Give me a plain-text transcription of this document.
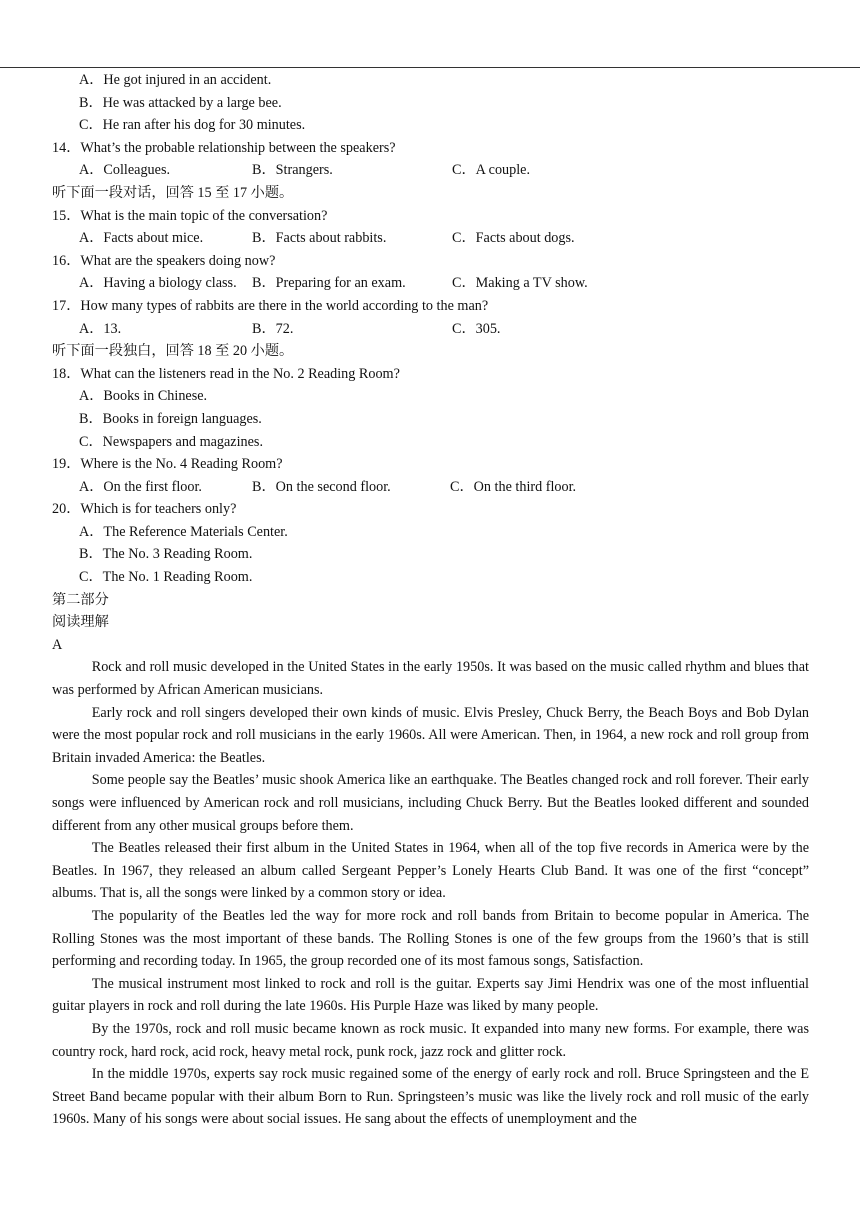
A．He got injured in an accident.
B．He was attacked by a large bee.
C．He ran after his dog for 30 minutes.
14．What’s the probable relationship between the speakers?
A．Colleagues.	B．Strangers.	C．A couple.
听下面一段对话，回答 15 至 17 小题。
15．What is the main topic of the conversation?
A．Facts about mice.	B．Facts about rabbits.	C．Facts about dogs.
16．What are the speakers doing now?
A．Having a biology class.	B．Preparing for an exam.	C．Making a TV show.
17．How many types of rabbits are there in the world according to the man?
A．13.	B．72.	C．305.
听下面一段独白，回答 18 至 20 小题。
18．What can the listeners read in the No. 2 Reading Room?
A．Books in Chinese.
B．Books in foreign languages.
C．Newspapers and magazines.
19．Where is the No. 4 Reading Room?
A．On the first floor.	B．On the second floor.	C．On the third floor.
20．Which is for teachers only?
A．The Reference Materials Center.
B．The No. 3 Reading Room.
C．The No. 1 Reading Room.
第二部分
阅读理解
A

Rock and roll music developed in the United States in the early 1950s. It was based on the music called rhythm and blues that was performed by African American musicians.

Early rock and roll singers developed their own kinds of music. Elvis Presley, Chuck Berry, the Beach Boys and Bob Dylan were the most popular rock and roll musicians in the early 1960s. All were American. Then, in 1964, a new rock and roll group from Britain invaded America: the Beatles.

Some people say the Beatles’ music shook America like an earthquake. The Beatles changed rock and roll forever. Their early songs were influenced by American rock and roll musicians, including Chuck Berry. But the Beatles looked different and sounded different from any other musical groups before them.

The Beatles released their first album in the United States in 1964, when all of the top five records in America were by the Beatles. In 1967, they released an album called Sergeant Pepper’s Lonely Hearts Club Band. It was one of the first “concept” albums. That is, all the songs were linked by a common story or idea.

The popularity of the Beatles led the way for more rock and roll bands from Britain to become popular in America. The Rolling Stones was the most important of these bands. The Rolling Stones is one of the few groups from the 1960’s that is still performing and recording today. In 1965, the group recorded one of its most famous songs, Satisfaction.

The musical instrument most linked to rock and roll is the guitar. Experts say Jimi Hendrix was one of the most influential guitar players in rock and roll during the late 1960s. His Purple Haze was liked by many people.

By the 1970s, rock and roll music became known as rock music. It expanded into many new forms. For example, there was country rock, hard rock, acid rock, heavy metal rock, punk rock, jazz rock and glitter rock.

In the middle 1970s, experts say rock music regained some of the energy of early rock and roll. Bruce Springsteen and the E Street Band became popular with their album Born to Run. Springsteen’s music was like the lively rock and roll music of the early 1960s. Many of his songs were about social issues. He sang about the effects of unemployment and the
